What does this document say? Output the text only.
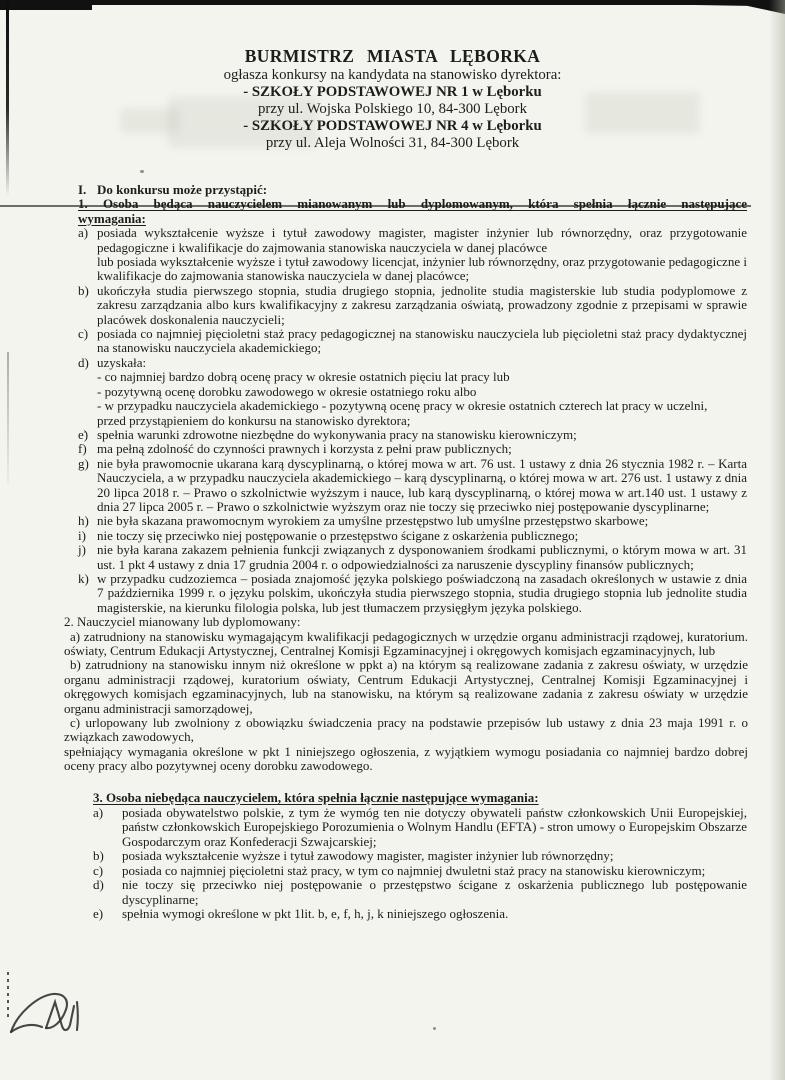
BURMISTRZ MIASTA LĘBORKA
ogłasza konkursy na kandydata na stanowisko dyrektora:
- SZKOŁY PODSTAWOWEJ NR 1 w Lęborku
przy ul. Wojska Polskiego 10, 84-300 Lębork
- SZKOŁY PODSTAWOWEJ NR 4 w Lęborku
przy ul. Aleja Wolności 31, 84-300 Lębork
I. Do konkursu może przystąpić:
1. Osoba będąca nauczycielem mianowanym lub dyplomowanym, która spełnia łącznie następujące
wymagania:
a) posiada wykształcenie wyższe i tytuł zawodowy magister, magister inżynier lub równorzędny, oraz przygotowanie pedagogiczne i kwalifikacje do zajmowania stanowiska nauczyciela w danej placówce
lub posiada wykształcenie wyższe i tytuł zawodowy licencjat, inżynier lub równorzędny, oraz przygotowanie pedagogiczne i kwalifikacje do zajmowania stanowiska nauczyciela w danej placówce;
b) ukończyła studia pierwszego stopnia, studia drugiego stopnia, jednolite studia magisterskie lub studia podyplomowe z zakresu zarządzania albo kurs kwalifikacyjny z zakresu zarządzania oświatą, prowadzony zgodnie z przepisami w sprawie placówek doskonalenia nauczycieli;
c) posiada co najmniej pięcioletni staż pracy pedagogicznej na stanowisku nauczyciela lub pięcioletni staż pracy dydaktycznej na stanowisku nauczyciela akademickiego;
d) uzyskała:
- co najmniej bardzo dobrą ocenę pracy w okresie ostatnich pięciu lat pracy lub
- pozytywną ocenę dorobku zawodowego w okresie ostatniego roku albo
- w przypadku nauczyciela akademickiego - pozytywną ocenę pracy w okresie ostatnich czterech lat pracy w uczelni,
przed przystąpieniem do konkursu na stanowisko dyrektora;
e) spełnia warunki zdrowotne niezbędne do wykonywania pracy na stanowisku kierowniczym;
f) ma pełną zdolność do czynności prawnych i korzysta z pełni praw publicznych;
g) nie była prawomocnie ukarana karą dyscyplinarną, o której mowa w art. 76 ust. 1 ustawy z dnia 26 stycznia 1982 r. – Karta Nauczyciela, a w przypadku nauczyciela akademickiego – karą dyscyplinarną, o której mowa w art. 276 ust. 1 ustawy z dnia 20 lipca 2018 r. – Prawo o szkolnictwie wyższym i nauce, lub karą dyscyplinarną, o której mowa w art.140 ust. 1 ustawy z dnia 27 lipca 2005 r. – Prawo o szkolnictwie wyższym oraz nie toczy się przeciwko niej postępowanie dyscyplinarne;
h) nie była skazana prawomocnym wyrokiem za umyślne przestępstwo lub umyślne przestępstwo skarbowe;
i) nie toczy się przeciwko niej postępowanie o przestępstwo ścigane z oskarżenia publicznego;
j) nie była karana zakazem pełnienia funkcji związanych z dysponowaniem środkami publicznymi, o którym mowa w art. 31 ust. 1 pkt 4 ustawy z dnia 17 grudnia 2004 r. o odpowiedzialności za naruszenie dyscypliny finansów publicznych;
k) w przypadku cudzoziemca – posiada znajomość języka polskiego poświadczoną na zasadach określonych w ustawie z dnia 7 października 1999 r. o języku polskim, ukończyła studia pierwszego stopnia, studia drugiego stopnia lub jednolite studia magisterskie, na kierunku filologia polska, lub jest tłumaczem przysięgłym języka polskiego.

2. Nauczyciel mianowany lub dyplomowany:

a) zatrudniony na stanowisku wymagającym kwalifikacji pedagogicznych w urzędzie organu administracji rządowej, kuratorium. oświaty, Centrum Edukacji Artystycznej, Centralnej Komisji Egzaminacyjnej i okręgowych komisjach egzaminacyjnych, lub

b) zatrudniony na stanowisku innym niż określone w ppkt a) na którym są realizowane zadania z zakresu oświaty, w urzędzie organu administracji rządowej, kuratorium oświaty, Centrum Edukacji Artystycznej, Centralnej Komisji Egzaminacyjnej i okręgowych komisjach egzaminacyjnych, lub na stanowisku, na którym są realizowane zadania z zakresu oświaty w urzędzie organu administracji samorządowej,

c) urlopowany lub zwolniony z obowiązku świadczenia pracy na podstawie przepisów lub ustawy z dnia 23 maja 1991 r. o związkach zawodowych,

spełniający wymagania określone w pkt 1 niniejszego ogłoszenia, z wyjątkiem wymogu posiadania co najmniej bardzo dobrej oceny pracy albo pozytywnej oceny dorobku zawodowego.

3. Osoba niebędąca nauczycielem, która spełnia łącznie następujące wymagania:
a)	posiada obywatelstwo polskie, z tym że wymóg ten nie dotyczy obywateli państw członkowskich Unii Europejskiej, państw członkowskich Europejskiego Porozumienia o Wolnym Handlu (EFTA) - stron umowy o Europejskim Obszarze Gospodarczym oraz Konfederacji Szwajcarskiej;
b)	posiada wykształcenie wyższe i tytuł zawodowy magister, magister inżynier lub równorzędny;
c)	posiada co najmniej pięcioletni staż pracy, w tym co najmniej dwuletni staż pracy na stanowisku kierowniczym;
d)	nie toczy się przeciwko niej postępowanie o przestępstwo ścigane z oskarżenia publicznego lub postępowanie dyscyplinarne;
e)	spełnia wymogi określone w pkt 1lit. b, e, f, h, j, k niniejszego ogłoszenia.
